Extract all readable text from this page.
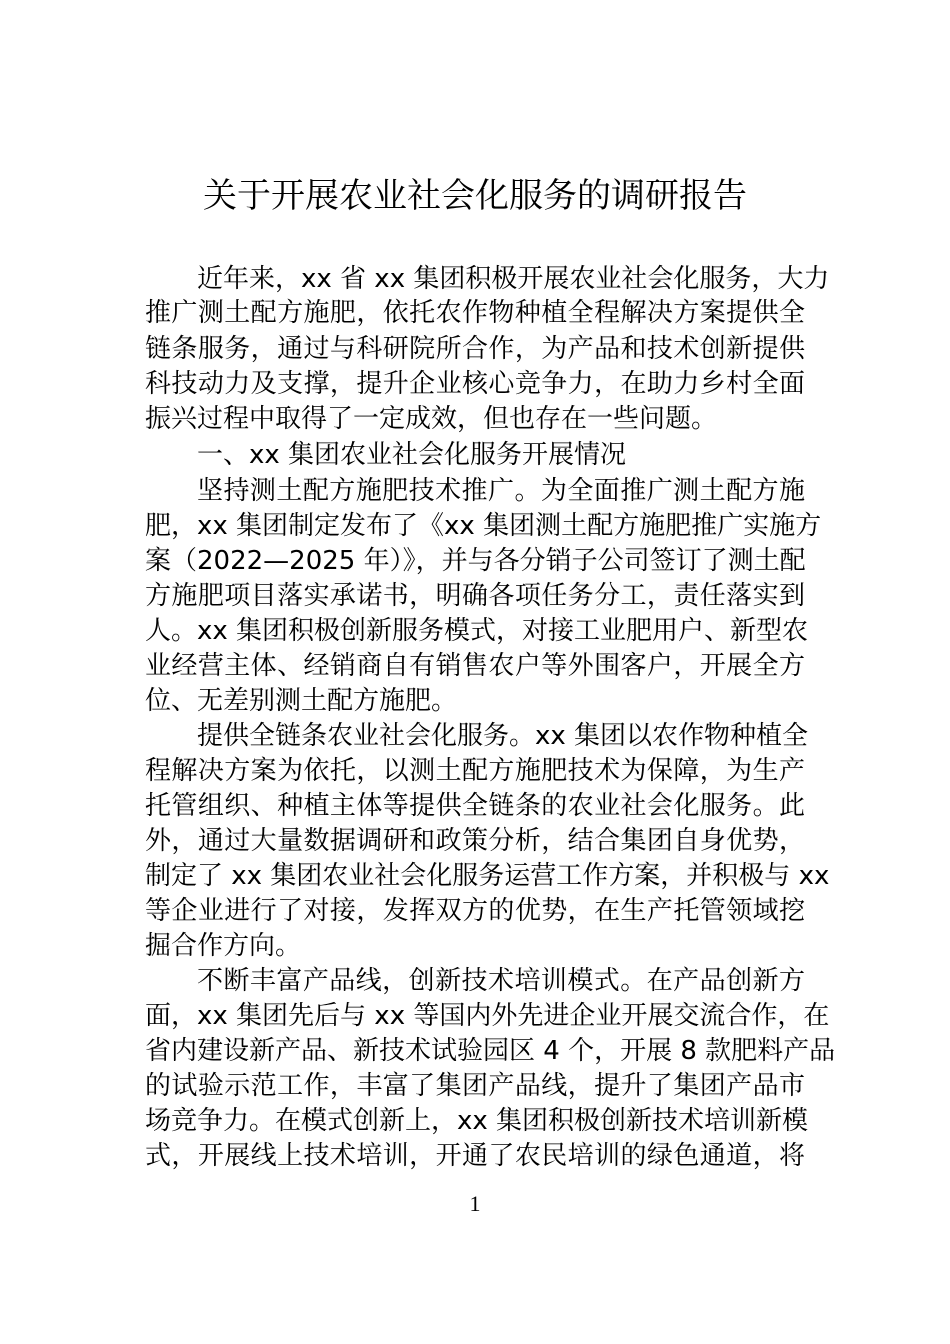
关于开展农业社会化服务的调研报告

近年来，xx 省 xx 集团积极开展农业社会化服务，大力

推广测土配方施肥，依托农作物种植全程解决方案提供全

链条服务，通过与科研院所合作，为产品和技术创新提供

科技动力及支撑，提升企业核心竞争力，在助力乡村全面

振兴过程中取得了一定成效，但也存在一些问题。

一、xx 集团农业社会化服务开展情况

坚持测土配方施肥技术推广。为全面推广测土配方施

肥，xx 集团制定发布了《xx 集团测土配方施肥推广实施方

案（2022—2025 年）》，并与各分销子公司签订了测土配

方施肥项目落实承诺书，明确各项任务分工，责任落实到

人。xx 集团积极创新服务模式，对接工业肥用户、新型农

业经营主体、经销商自有销售农户等外围客户，开展全方

位、无差别测土配方施肥。

提供全链条农业社会化服务。xx 集团以农作物种植全

程解决方案为依托，以测土配方施肥技术为保障，为生产

托管组织、种植主体等提供全链条的农业社会化服务。此

外，通过大量数据调研和政策分析，结合集团自身优势，

制定了 xx 集团农业社会化服务运营工作方案，并积极与 xx

等企业进行了对接，发挥双方的优势，在生产托管领域挖

掘合作方向。

不断丰富产品线，创新技术培训模式。在产品创新方

面，xx 集团先后与 xx 等国内外先进企业开展交流合作，在

省内建设新产品、新技术试验园区 4 个，开展 8 款肥料产品

的试验示范工作，丰富了集团产品线，提升了集团产品市

场竞争力。在模式创新上，xx 集团积极创新技术培训新模

式，开展线上技术培训，开通了农民培训的绿色通道，将

1
